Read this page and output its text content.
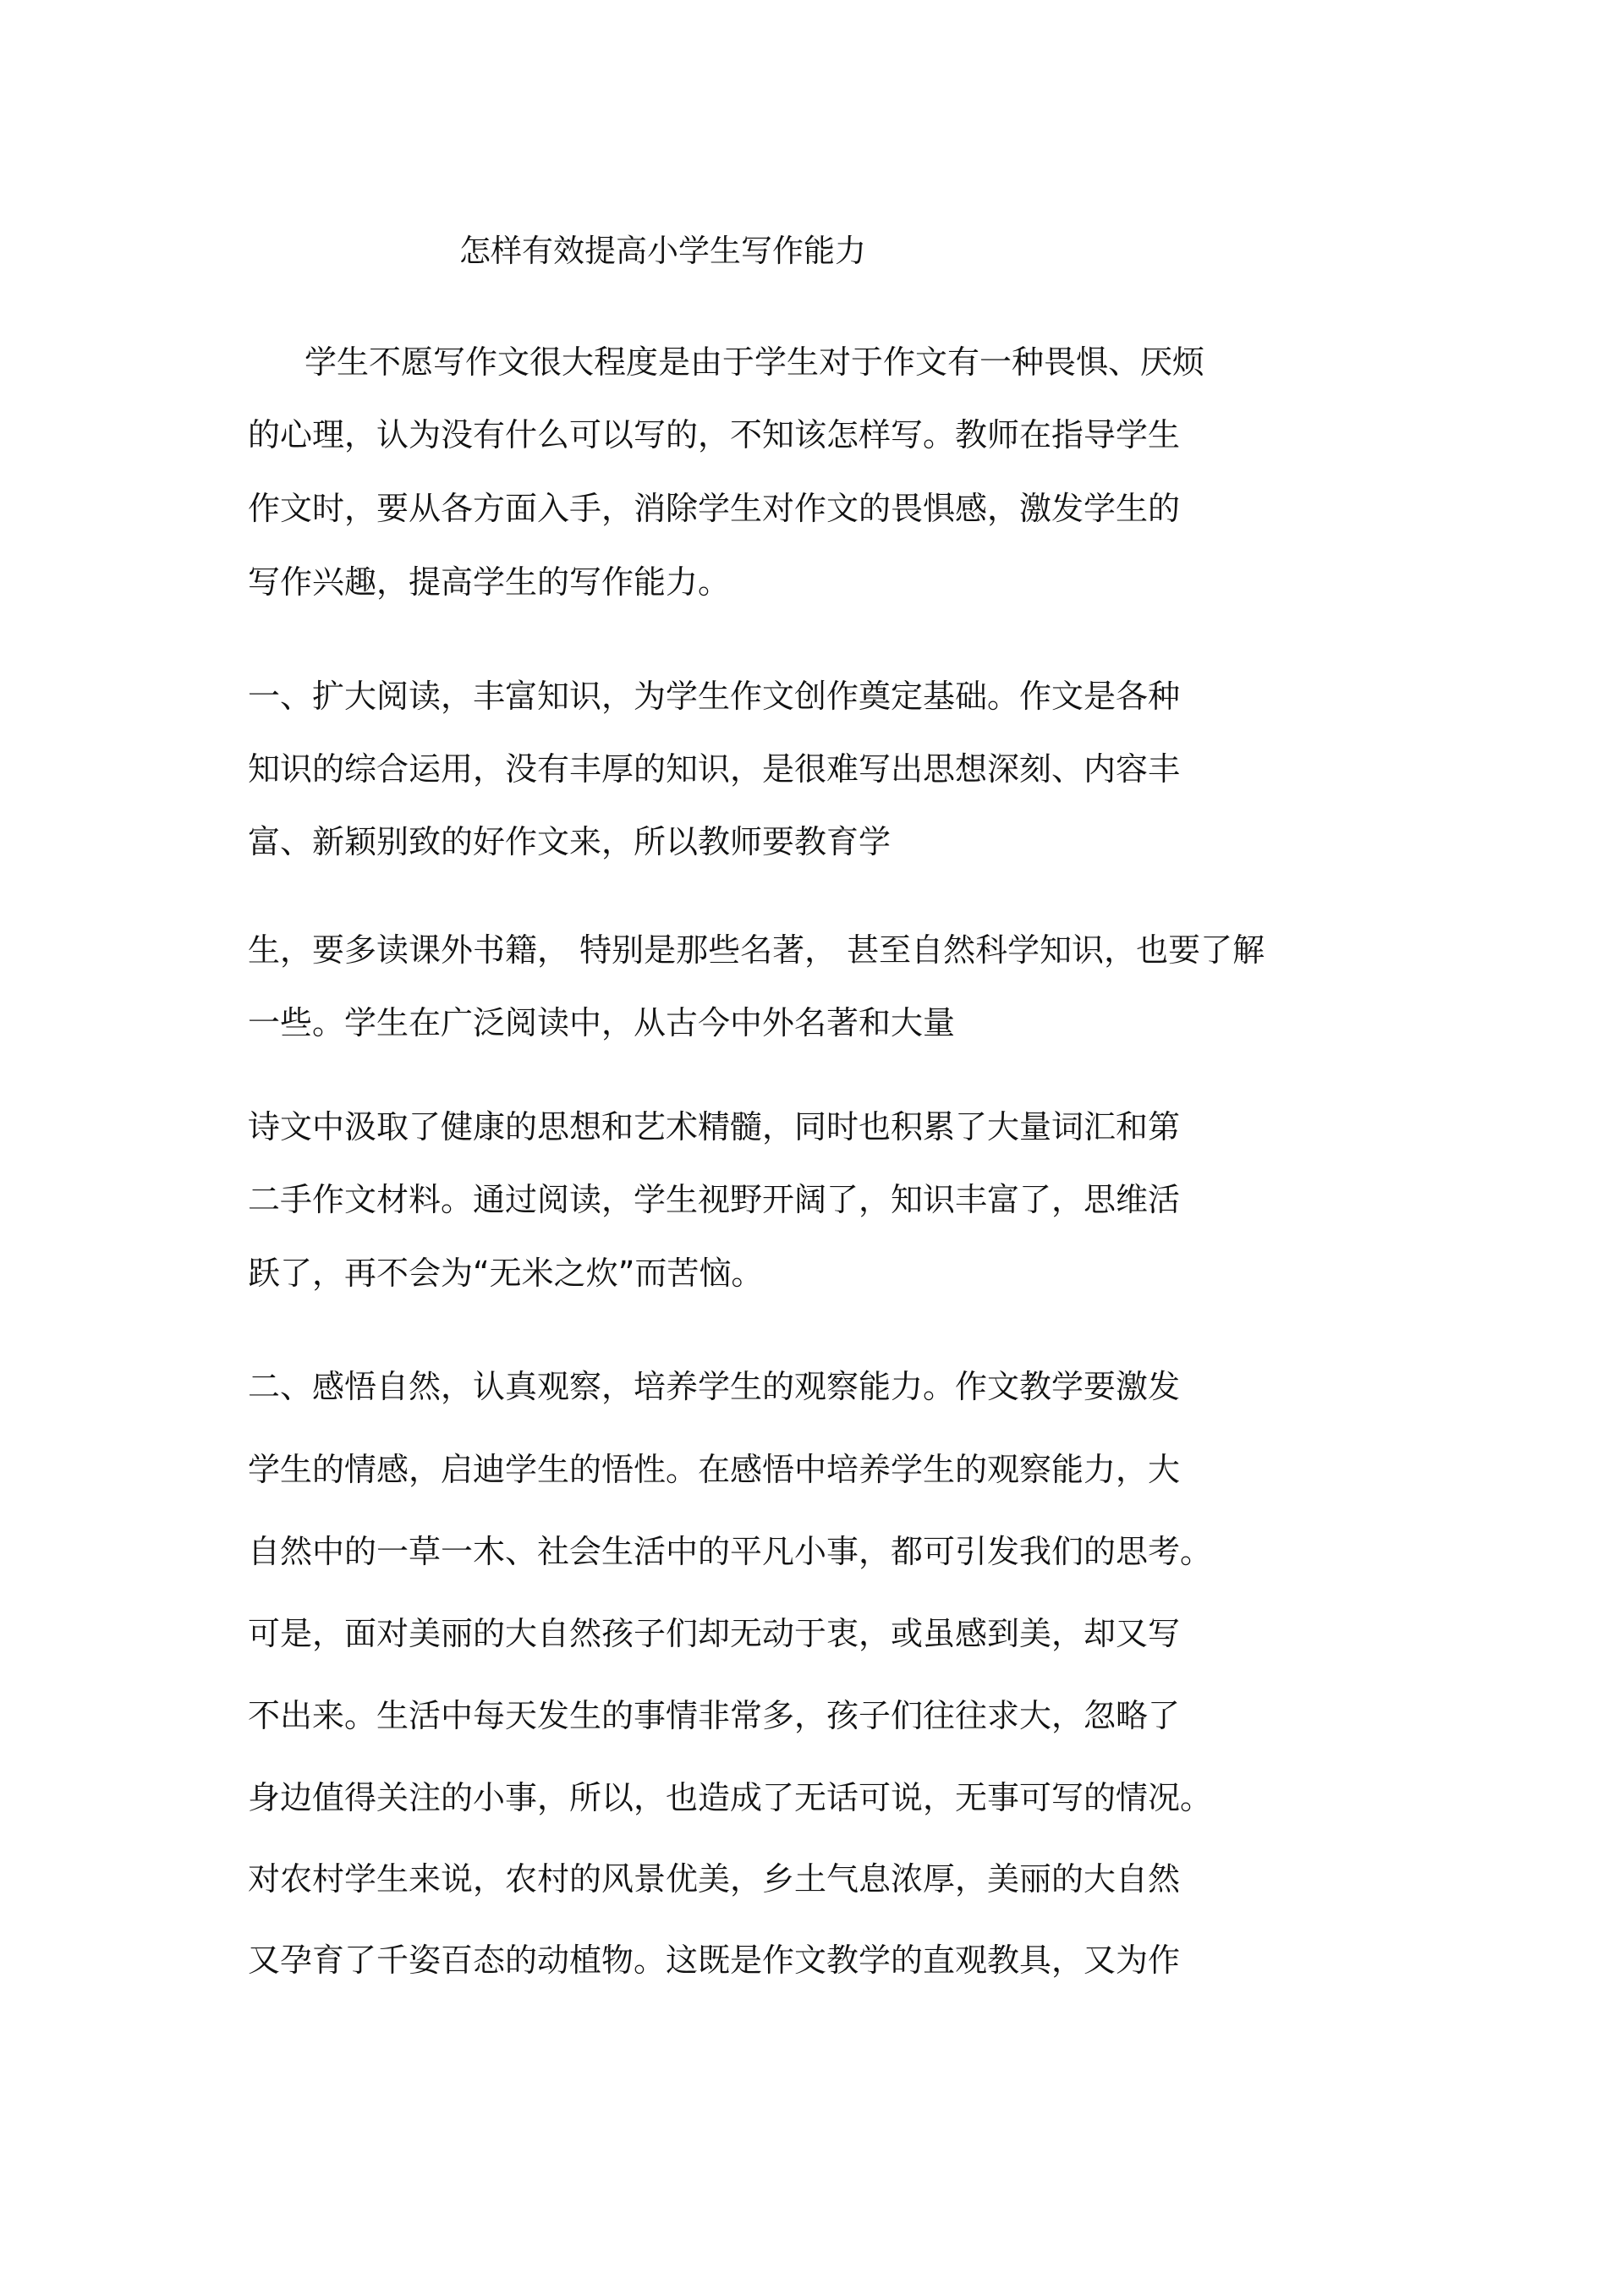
怎样有效提高小学生写作能力
学生不愿写作文很大程度是由于学生对于作文有一种畏惧、厌烦
的心理，认为没有什么可以写的，不知该怎样写。教师在指导学生
作文时，要从各方面入手，消除学生对作文的畏惧感，激发学生的
写作兴趣，提高学生的写作能力。
一、扩大阅读，丰富知识，为学生作文创作奠定基础。作文是各种
知识的综合运用，没有丰厚的知识，是很难写出思想深刻、内容丰
富、新颖别致的好作文来，所以教师要教育学
生，要多读课外书籍， 特别是那些名著， 甚至自然科学知识，也要了解
一些。学生在广泛阅读中，从古今中外名著和大量
诗文中汲取了健康的思想和艺术精髓，同时也积累了大量词汇和第
二手作文材料。通过阅读，学生视野开阔了，知识丰富了，思维活
跃了，再不会为“无米之炊”而苦恼。
二、感悟自然，认真观察，培养学生的观察能力。作文教学要激发
学生的情感，启迪学生的悟性。在感悟中培养学生的观察能力，大
自然中的一草一木、社会生活中的平凡小事，都可引发我们的思考。
可是，面对美丽的大自然孩子们却无动于衷，或虽感到美，却又写
不出来。生活中每天发生的事情非常多，孩子们往往求大，忽略了
身边值得关注的小事，所以，也造成了无话可说，无事可写的情况。
对农村学生来说，农村的风景优美，乡土气息浓厚，美丽的大自然
又孕育了千姿百态的动植物。这既是作文教学的直观教具，又为作
